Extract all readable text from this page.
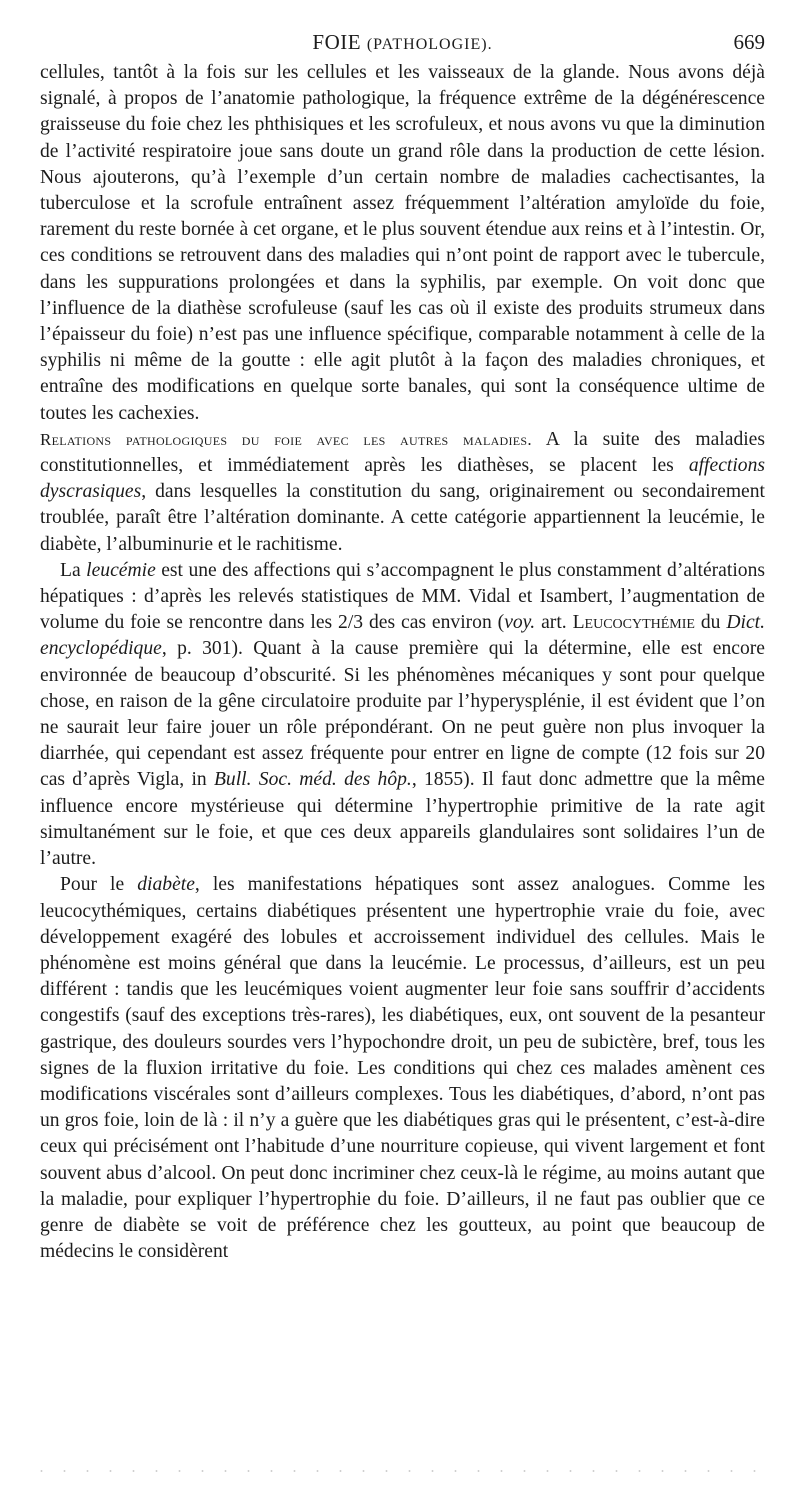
FOIE (PATHOLOGIE).	669

cellules, tantôt à la fois sur les cellules et les vaisseaux de la glande. Nous avons déjà signalé, à propos de l’anatomie pathologique, la fréquence extrême de la dégénérescence graisseuse du foie chez les phthisiques et les scrofuleux, et nous avons vu que la diminution de l’activité respiratoire joue sans doute un grand rôle dans la production de cette lésion. Nous ajouterons, qu’à l’exemple d’un certain nombre de maladies cachectisantes, la tuberculose et la scrofule entraînent assez fréquemment l’altération amyloïde du foie, rarement du reste bornée à cet organe, et le plus souvent étendue aux reins et à l’intestin. Or, ces conditions se retrouvent dans des maladies qui n’ont point de rapport avec le tubercule, dans les suppurations prolongées et dans la syphilis, par exemple. On voit donc que l’influence de la diathèse scrofuleuse (sauf les cas où il existe des produits strumeux dans l’épaisseur du foie) n’est pas une influence spécifique, comparable notamment à celle de la syphilis ni même de la goutte : elle agit plutôt à la façon des maladies chroniques, et entraîne des modifications en quelque sorte banales, qui sont la conséquence ultime de toutes les cachexies.

Relations pathologiques du foie avec les autres maladies. A la suite des maladies constitutionnelles, et immédiatement après les diathèses, se placent les affections dyscrasiques, dans lesquelles la constitution du sang, originairement ou secondairement troublée, paraît être l’altération dominante. A cette catégorie appartiennent la leucémie, le diabète, l’albuminurie et le rachitisme.

La leucémie est une des affections qui s’accompagnent le plus constamment d’altérations hépatiques : d’après les relevés statistiques de MM. Vidal et Isambert, l’augmentation de volume du foie se rencontre dans les 2/3 des cas environ (voy. art. Leucocythémie du Dict. encyclopédique, p. 301). Quant à la cause première qui la détermine, elle est encore environnée de beaucoup d’obscurité. Si les phénomènes mécaniques y sont pour quelque chose, en raison de la gêne circulatoire produite par l’hyperysplénie, il est évident que l’on ne saurait leur faire jouer un rôle prépondérant. On ne peut guère non plus invoquer la diarrhée, qui cependant est assez fréquente pour entrer en ligne de compte (12 fois sur 20 cas d’après Vigla, in Bull. Soc. méd. des hôp., 1855). Il faut donc admettre que la même influence encore mystérieuse qui détermine l’hypertrophie primitive de la rate agit simultanément sur le foie, et que ces deux appareils glandulaires sont solidaires l’un de l’autre.

Pour le diabète, les manifestations hépatiques sont assez analogues. Comme les leucocythémiques, certains diabétiques présentent une hypertrophie vraie du foie, avec développement exagéré des lobules et accroissement individuel des cellules. Mais le phénomène est moins général que dans la leucémie. Le processus, d’ailleurs, est un peu différent : tandis que les leucémiques voient augmenter leur foie sans souffrir d’accidents congestifs (sauf des exceptions très-rares), les diabétiques, eux, ont souvent de la pesanteur gastrique, des douleurs sourdes vers l’hypochondre droit, un peu de subictère, bref, tous les signes de la fluxion irritative du foie. Les conditions qui chez ces malades amènent ces modifications viscérales sont d’ailleurs complexes. Tous les diabétiques, d’abord, n’ont pas un gros foie, loin de là : il n’y a guère que les diabétiques gras qui le présentent, c’est-à-dire ceux qui précisément ont l’habitude d’une nourriture copieuse, qui vivent largement et font souvent abus d’alcool. On peut donc incriminer chez ceux-là le régime, au moins autant que la maladie, pour expliquer l’hypertrophie du foie. D’ailleurs, il ne faut pas oublier que ce genre de diabète se voit de préférence chez les goutteux, au point que beaucoup de médecins le considèrent
